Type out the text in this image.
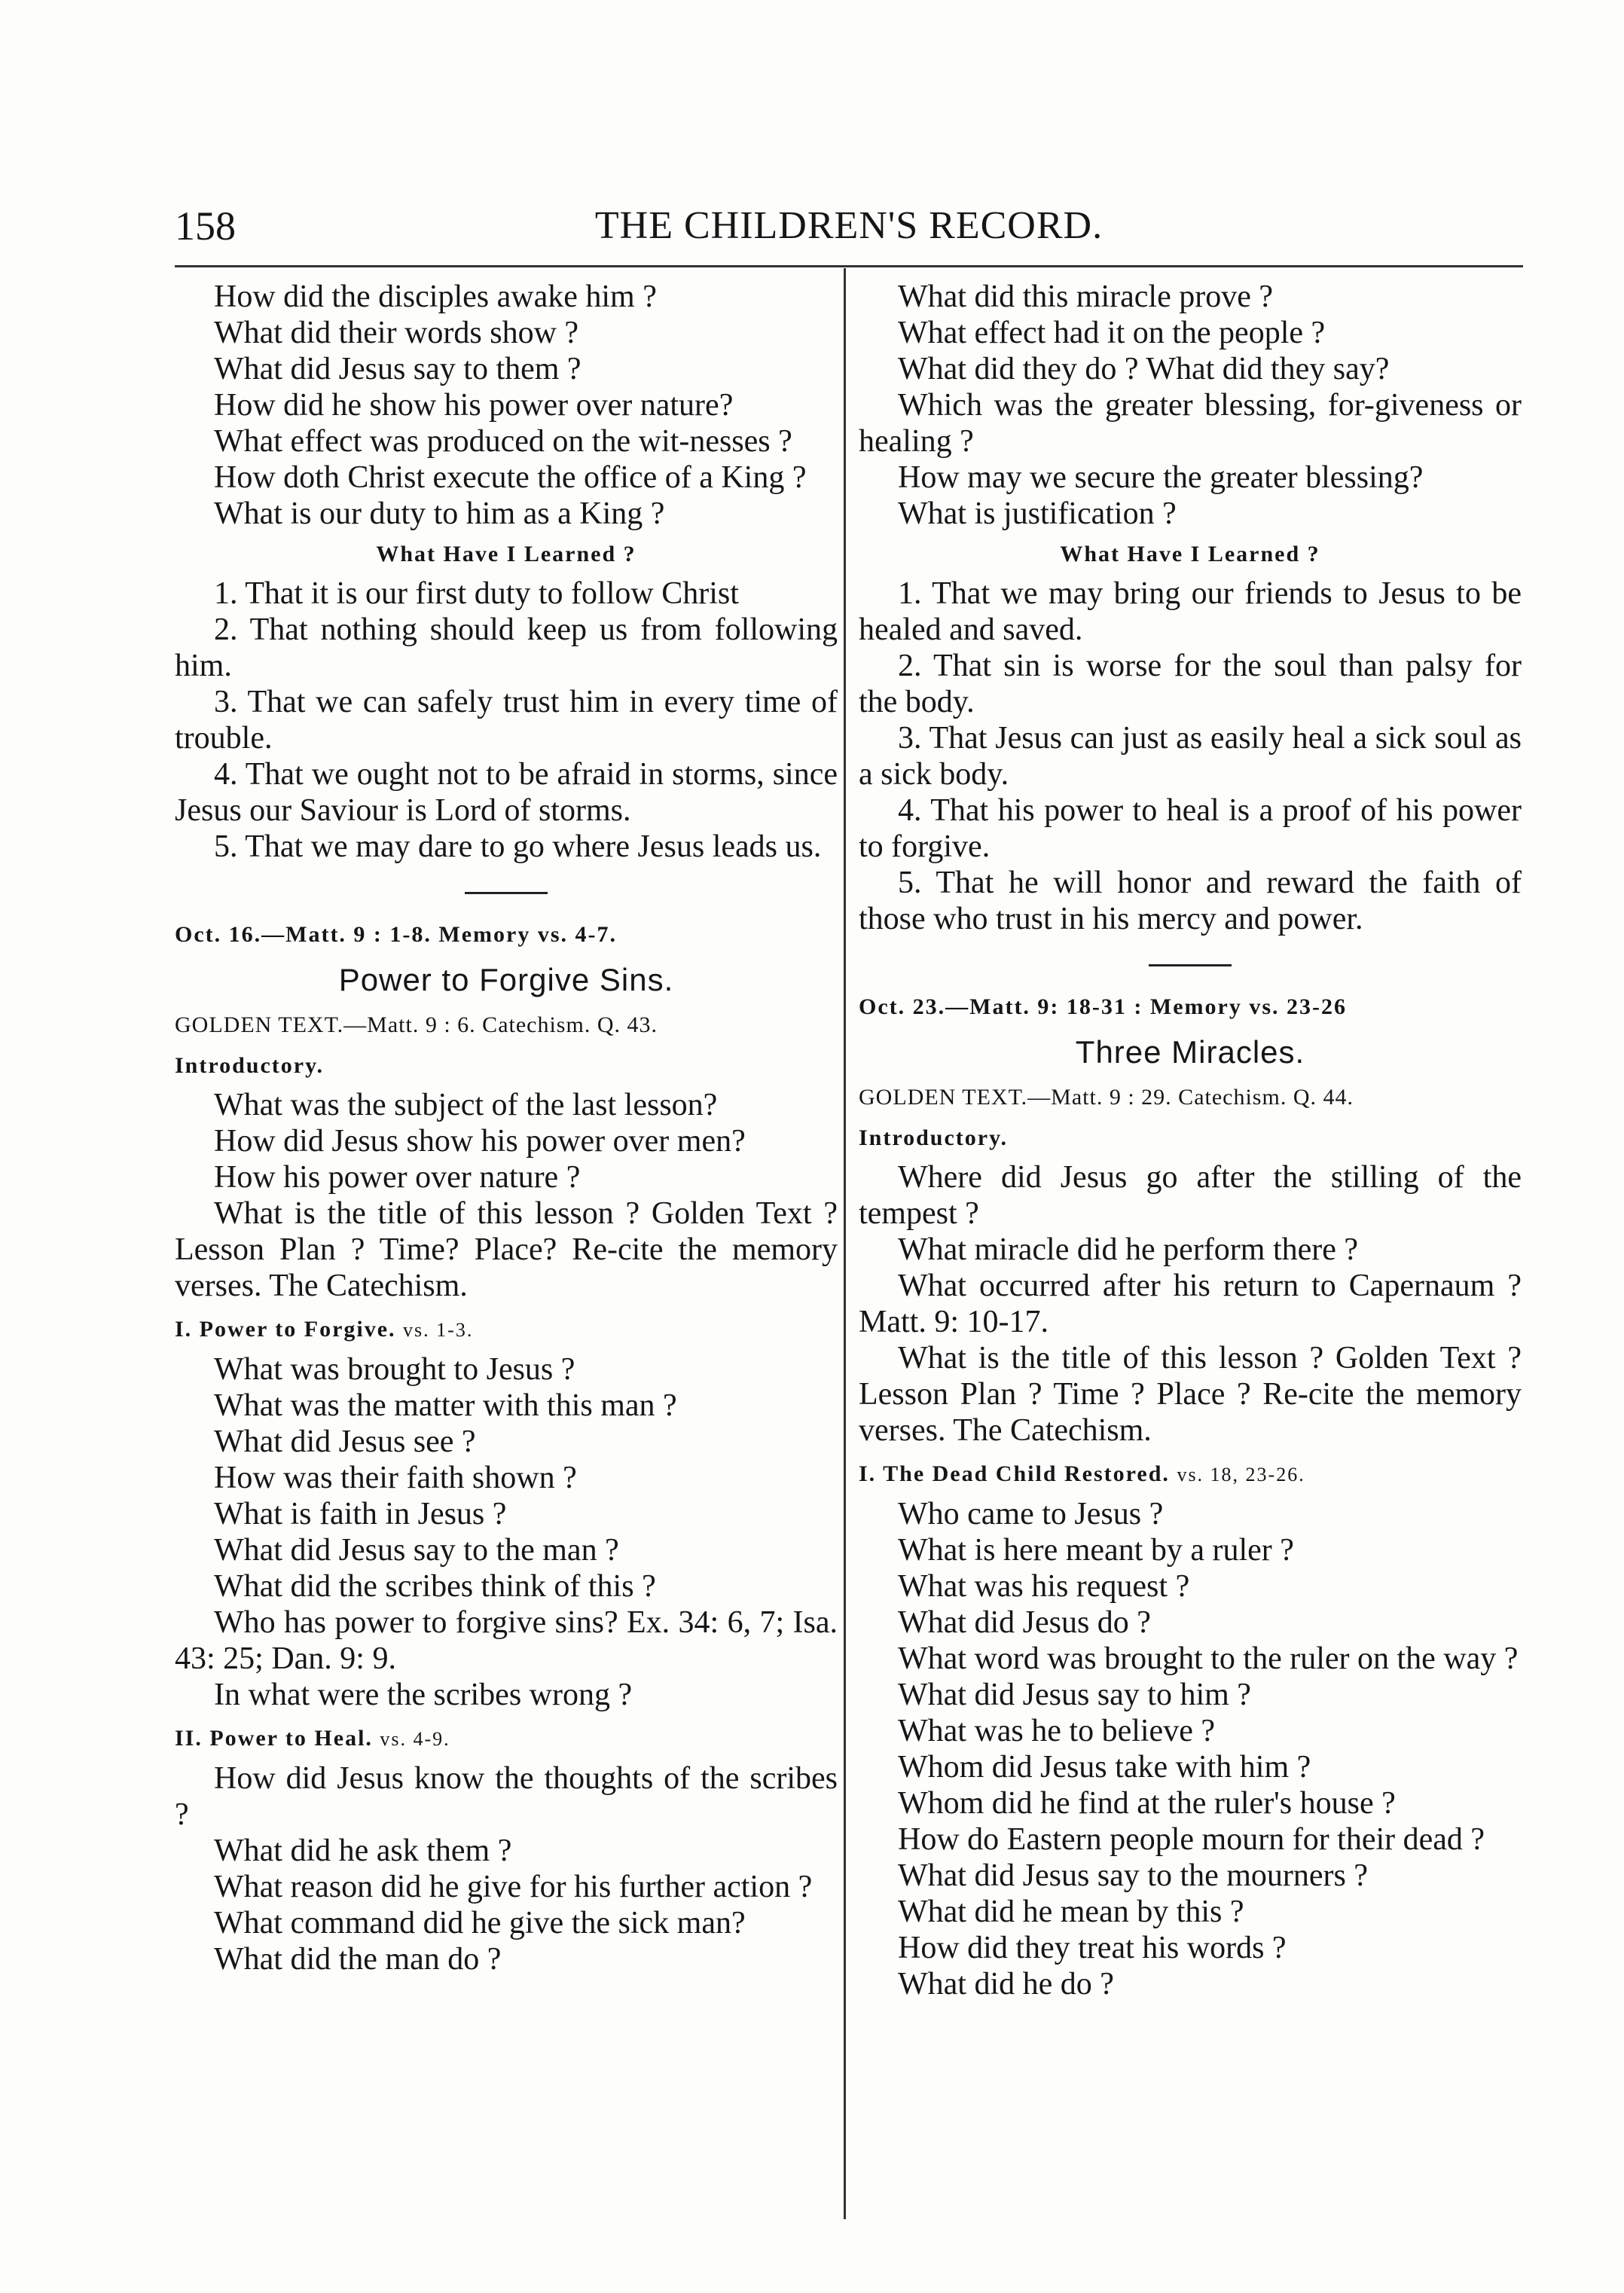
158	THE CHILDREN'S RECORD.

How did the disciples awake him ?

What did their words show ?

What did Jesus say to them ?

How did he show his power over nature?

What effect was produced on the wit-nesses ?

How doth Christ execute the office of a King ?

What is our duty to him as a King ?

What Have I Learned ?

1. That it is our first duty to follow Christ

2. That nothing should keep us from following him.

3. That we can safely trust him in every time of trouble.

4. That we ought not to be afraid in storms, since Jesus our Saviour is Lord of storms.

5. That we may dare to go where Jesus leads us.

Oct. 16.—Matt. 9 : 1-8. Memory vs. 4-7.

Power to Forgive Sins.

GOLDEN TEXT.—Matt. 9 : 6. Catechism. Q. 43.

Introductory.

What was the subject of the last lesson?

How did Jesus show his power over men?

How his power over nature ?

What is the title of this lesson ? Golden Text ? Lesson Plan ? Time? Place? Re-cite the memory verses. The Catechism.

I. Power to Forgive. vs. 1-3.

What was brought to Jesus ?

What was the matter with this man ?

What did Jesus see ?

How was their faith shown ?

What is faith in Jesus ?

What did Jesus say to the man ?

What did the scribes think of this ?

Who has power to forgive sins? Ex. 34: 6, 7; Isa. 43: 25; Dan. 9: 9.

In what were the scribes wrong ?

II. Power to Heal. vs. 4-9.

How did Jesus know the thoughts of the scribes ?

What did he ask them ?

What reason did he give for his further action ?

What command did he give the sick man?

What did the man do ?

What did this miracle prove ?

What effect had it on the people ?

What did they do ? What did they say?

Which was the greater blessing, for-giveness or healing ?

How may we secure the greater blessing?

What is justification ?

What Have I Learned ?

1. That we may bring our friends to Jesus to be healed and saved.

2. That sin is worse for the soul than palsy for the body.

3. That Jesus can just as easily heal a sick soul as a sick body.

4. That his power to heal is a proof of his power to forgive.

5. That he will honor and reward the faith of those who trust in his mercy and power.

Oct. 23.—Matt. 9: 18-31 : Memory vs. 23-26

Three Miracles.

GOLDEN TEXT.—Matt. 9 : 29. Catechism. Q. 44.

Introductory.

Where did Jesus go after the stilling of the tempest ?

What miracle did he perform there ?

What occurred after his return to Capernaum ? Matt. 9: 10-17.

What is the title of this lesson ? Golden Text ? Lesson Plan ? Time ? Place ? Re-cite the memory verses. The Catechism.

I. The Dead Child Restored. vs. 18, 23-26.

Who came to Jesus ?

What is here meant by a ruler ?

What was his request ?

What did Jesus do ?

What word was brought to the ruler on the way ?

What did Jesus say to him ?

What was he to believe ?

Whom did Jesus take with him ?

Whom did he find at the ruler's house ?

How do Eastern people mourn for their dead ?

What did Jesus say to the mourners ?

What did he mean by this ?

How did they treat his words ?

What did he do ?
